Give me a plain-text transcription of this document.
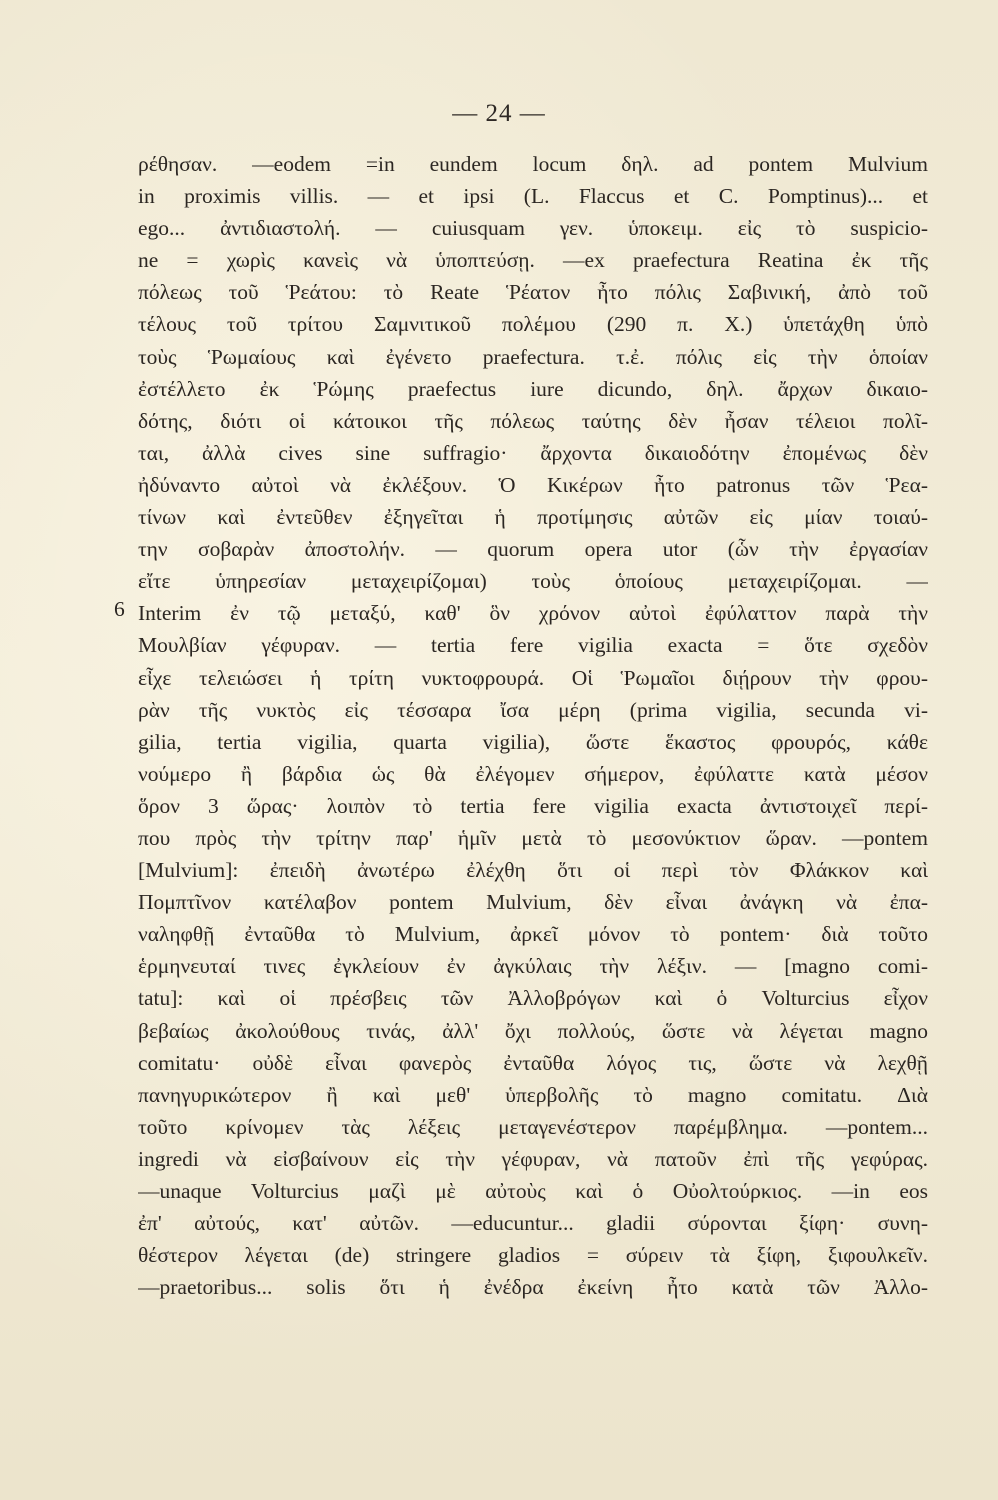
— 24 —
ρέθησαν. —eodem =in eundem locum δηλ. ad pontem Mulvium
in proximis villis. — et ipsi (L. Flaccus et C. Pomptinus)... et
ego... ἀντιδιαστολή. — cuiusquam γεν. ὑποκειμ. εἰς τὸ suspicio-
ne = χωρὶς κανεὶς νὰ ὑποπτεύσῃ. —ex praefectura Reatina ἐκ τῆς
πόλεως τοῦ Ῥεάτου: τὸ Reate Ῥέατον ἦτο πόλις Σαβινική, ἀπὸ τοῦ
τέλους τοῦ τρίτου Σαμνιτικοῦ πολέμου (290 π. Χ.) ὑπετάχθη ὑπὸ
τοὺς Ῥωμαίους καὶ ἐγένετο praefectura. τ.ἐ. πόλις εἰς τὴν ὁποίαν
ἐστέλλετο ἐκ Ῥώμης praefectus iure dicundo, δηλ. ἄρχων δικαιο-
δότης, διότι οἱ κάτοικοι τῆς πόλεως ταύτης δὲν ἦσαν τέλειοι πολῖ-
ται, ἀλλὰ cives sine suffragio· ἄρχοντα δικαιοδότην ἐπομένως δὲν
ἠδύναντο αὐτοὶ νὰ ἐκλέξουν. Ὁ Κικέρων ἦτο patronus τῶν Ῥεα-
τίνων καὶ ἐντεῦθεν ἐξηγεῖται ἡ προτίμησις αὐτῶν εἰς μίαν τοιαύ-
την σοβαρὰν ἀποστολήν. — quorum opera utor (ὧν τὴν ἐργασίαν
εἴτε ὑπηρεσίαν μεταχειρίζομαι) τοὺς ὁποίους μεταχειρίζομαι. —
6 Interim ἐν τῷ μεταξύ, καθ' ὃν χρόνον αὐτοὶ ἐφύλαττον παρὰ τὴν
Μουλβίαν γέφυραν. — tertia fere vigilia exacta = ὅτε σχεδὸν
εἶχε τελειώσει ἡ τρίτη νυκτοφρουρά. Οἱ Ῥωμαῖοι διῄρουν τὴν φρου-
ρὰν τῆς νυκτὸς εἰς τέσσαρα ἴσα μέρη (prima vigilia, secunda vi-
gilia, tertia vigilia, quarta vigilia), ὥστε ἕκαστος φρουρός, κάθε
νούμερο ἢ βάρδια ὡς θὰ ἐλέγομεν σήμερον, ἐφύλαττε κατὰ μέσον
ὅρον 3 ὥρας· λοιπὸν τὸ tertia fere vigilia exacta ἀντιστοιχεῖ περί-
που πρὸς τὴν τρίτην παρ' ἡμῖν μετὰ τὸ μεσονύκτιον ὥραν. —pontem
[Mulvium]: ἐπειδὴ ἀνωτέρω ἐλέχθη ὅτι οἱ περὶ τὸν Φλάκκον καὶ
Πομπτῖνον κατέλαβον pontem Mulvium, δὲν εἶναι ἀνάγκη νὰ ἐπα-
ναληφθῇ ἐνταῦθα τὸ Mulvium, ἀρκεῖ μόνον τὸ pontem· διὰ τοῦτο
ἑρμηνευταί τινες ἐγκλείουν ἐν ἀγκύλαις τὴν λέξιν. — [magno comi-
tatu]: καὶ οἱ πρέσβεις τῶν Ἀλλοβρόγων καὶ ὁ Volturcius εἶχον
βεβαίως ἀκολούθους τινάς, ἀλλ' ὄχι πολλούς, ὥστε νὰ λέγεται magno
comitatu· οὐδὲ εἶναι φανερὸς ἐνταῦθα λόγος τις, ὥστε νὰ λεχθῇ
πανηγυρικώτερον ἢ καὶ μεθ' ὑπερβολῆς τὸ magno comitatu. Διὰ
τοῦτο κρίνομεν τὰς λέξεις μεταγενέστερον παρέμβλημα. —pontem...
ingredi νὰ εἰσβαίνουν εἰς τὴν γέφυραν, νὰ πατοῦν ἐπὶ τῆς γεφύρας.
—unaque Volturcius μαζὶ μὲ αὐτοὺς καὶ ὁ Οὐολτούρκιος. —in eos
ἐπ' αὐτούς, κατ' αὐτῶν. —educuntur... gladii σύρονται ξίφη· συνη-
θέστερον λέγεται (de) stringere gladios = σύρειν τὰ ξίφη, ξιφουλκεῖν.
—praetoribus... solis ὅτι ἡ ἐνέδρα ἐκείνη ἦτο κατὰ τῶν Ἀλλο-
